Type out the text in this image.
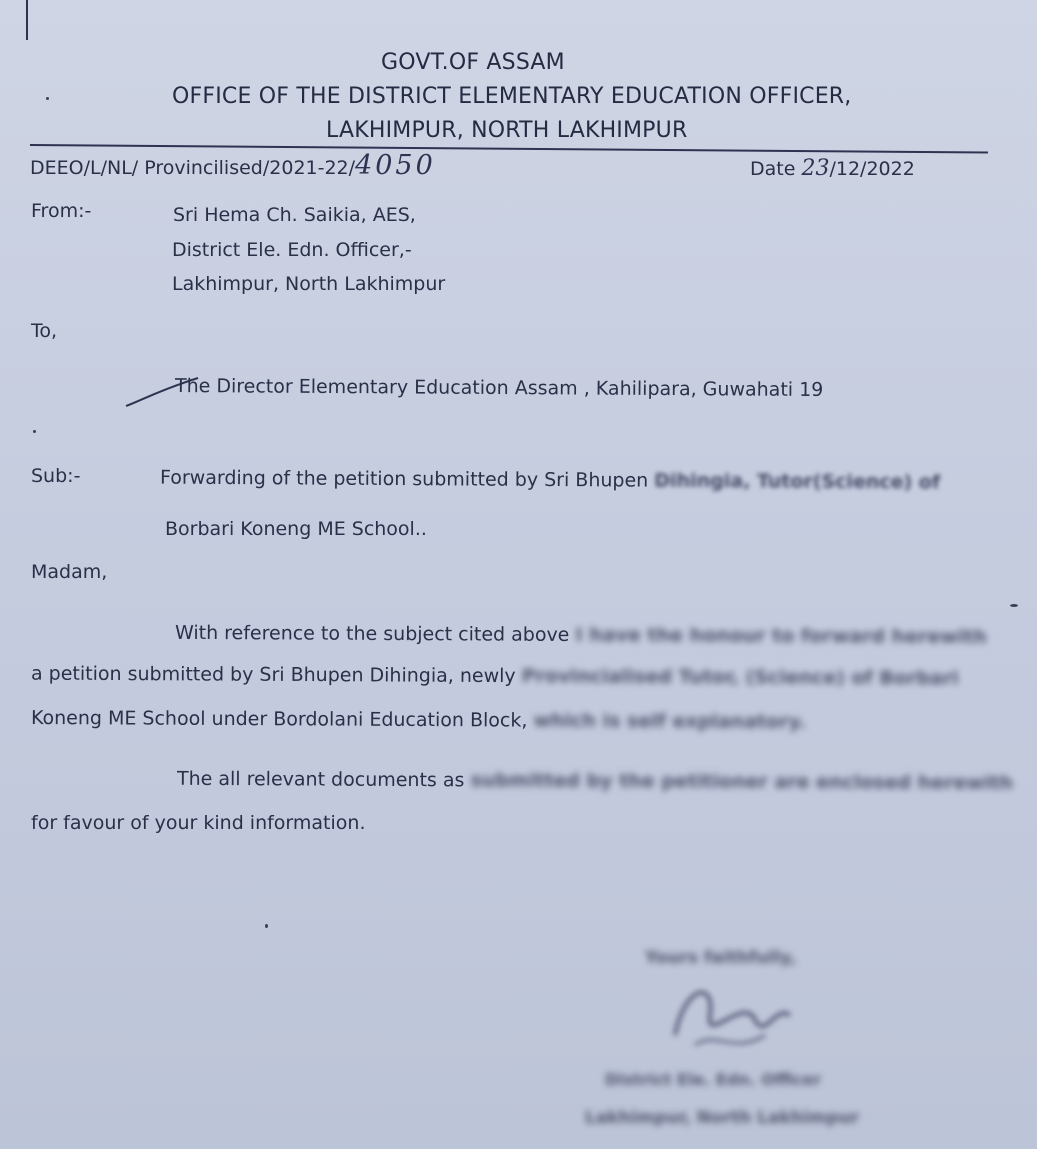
GOVT.OF ASSAM
OFFICE OF THE DISTRICT ELEMENTARY EDUCATION OFFICER,
LAKHIMPUR, NORTH LAKHIMPUR
DEEO/L/NL/ Provincilised/2021-22/4050	Date 23/12/2022
From:-	Sri Hema Ch. Saikia, AES,
District Ele. Edn. Officer,-
Lakhimpur, North Lakhimpur
To,
The Director Elementary Education Assam , Kahilipara, Guwahati 19
Sub:-	Forwarding of the petition submitted by Sri Bhupen Dihingia, Tutor(Science) of
Borbari Koneng ME School..
Madam,
With reference to the subject cited above I have the honour to forward herewith
a petition submitted by Sri Bhupen Dihingia, newly Provincialised Tutor, (Science) of Borbari
Koneng ME School under Bordolani Education Block, which is self explanatory.
The all relevant documents as submitted by the petitioner are enclosed herewith
for favour of your kind information.
Yours faithfully,
District Ele. Edn. Officer
Lakhimpur, North Lakhimpur
